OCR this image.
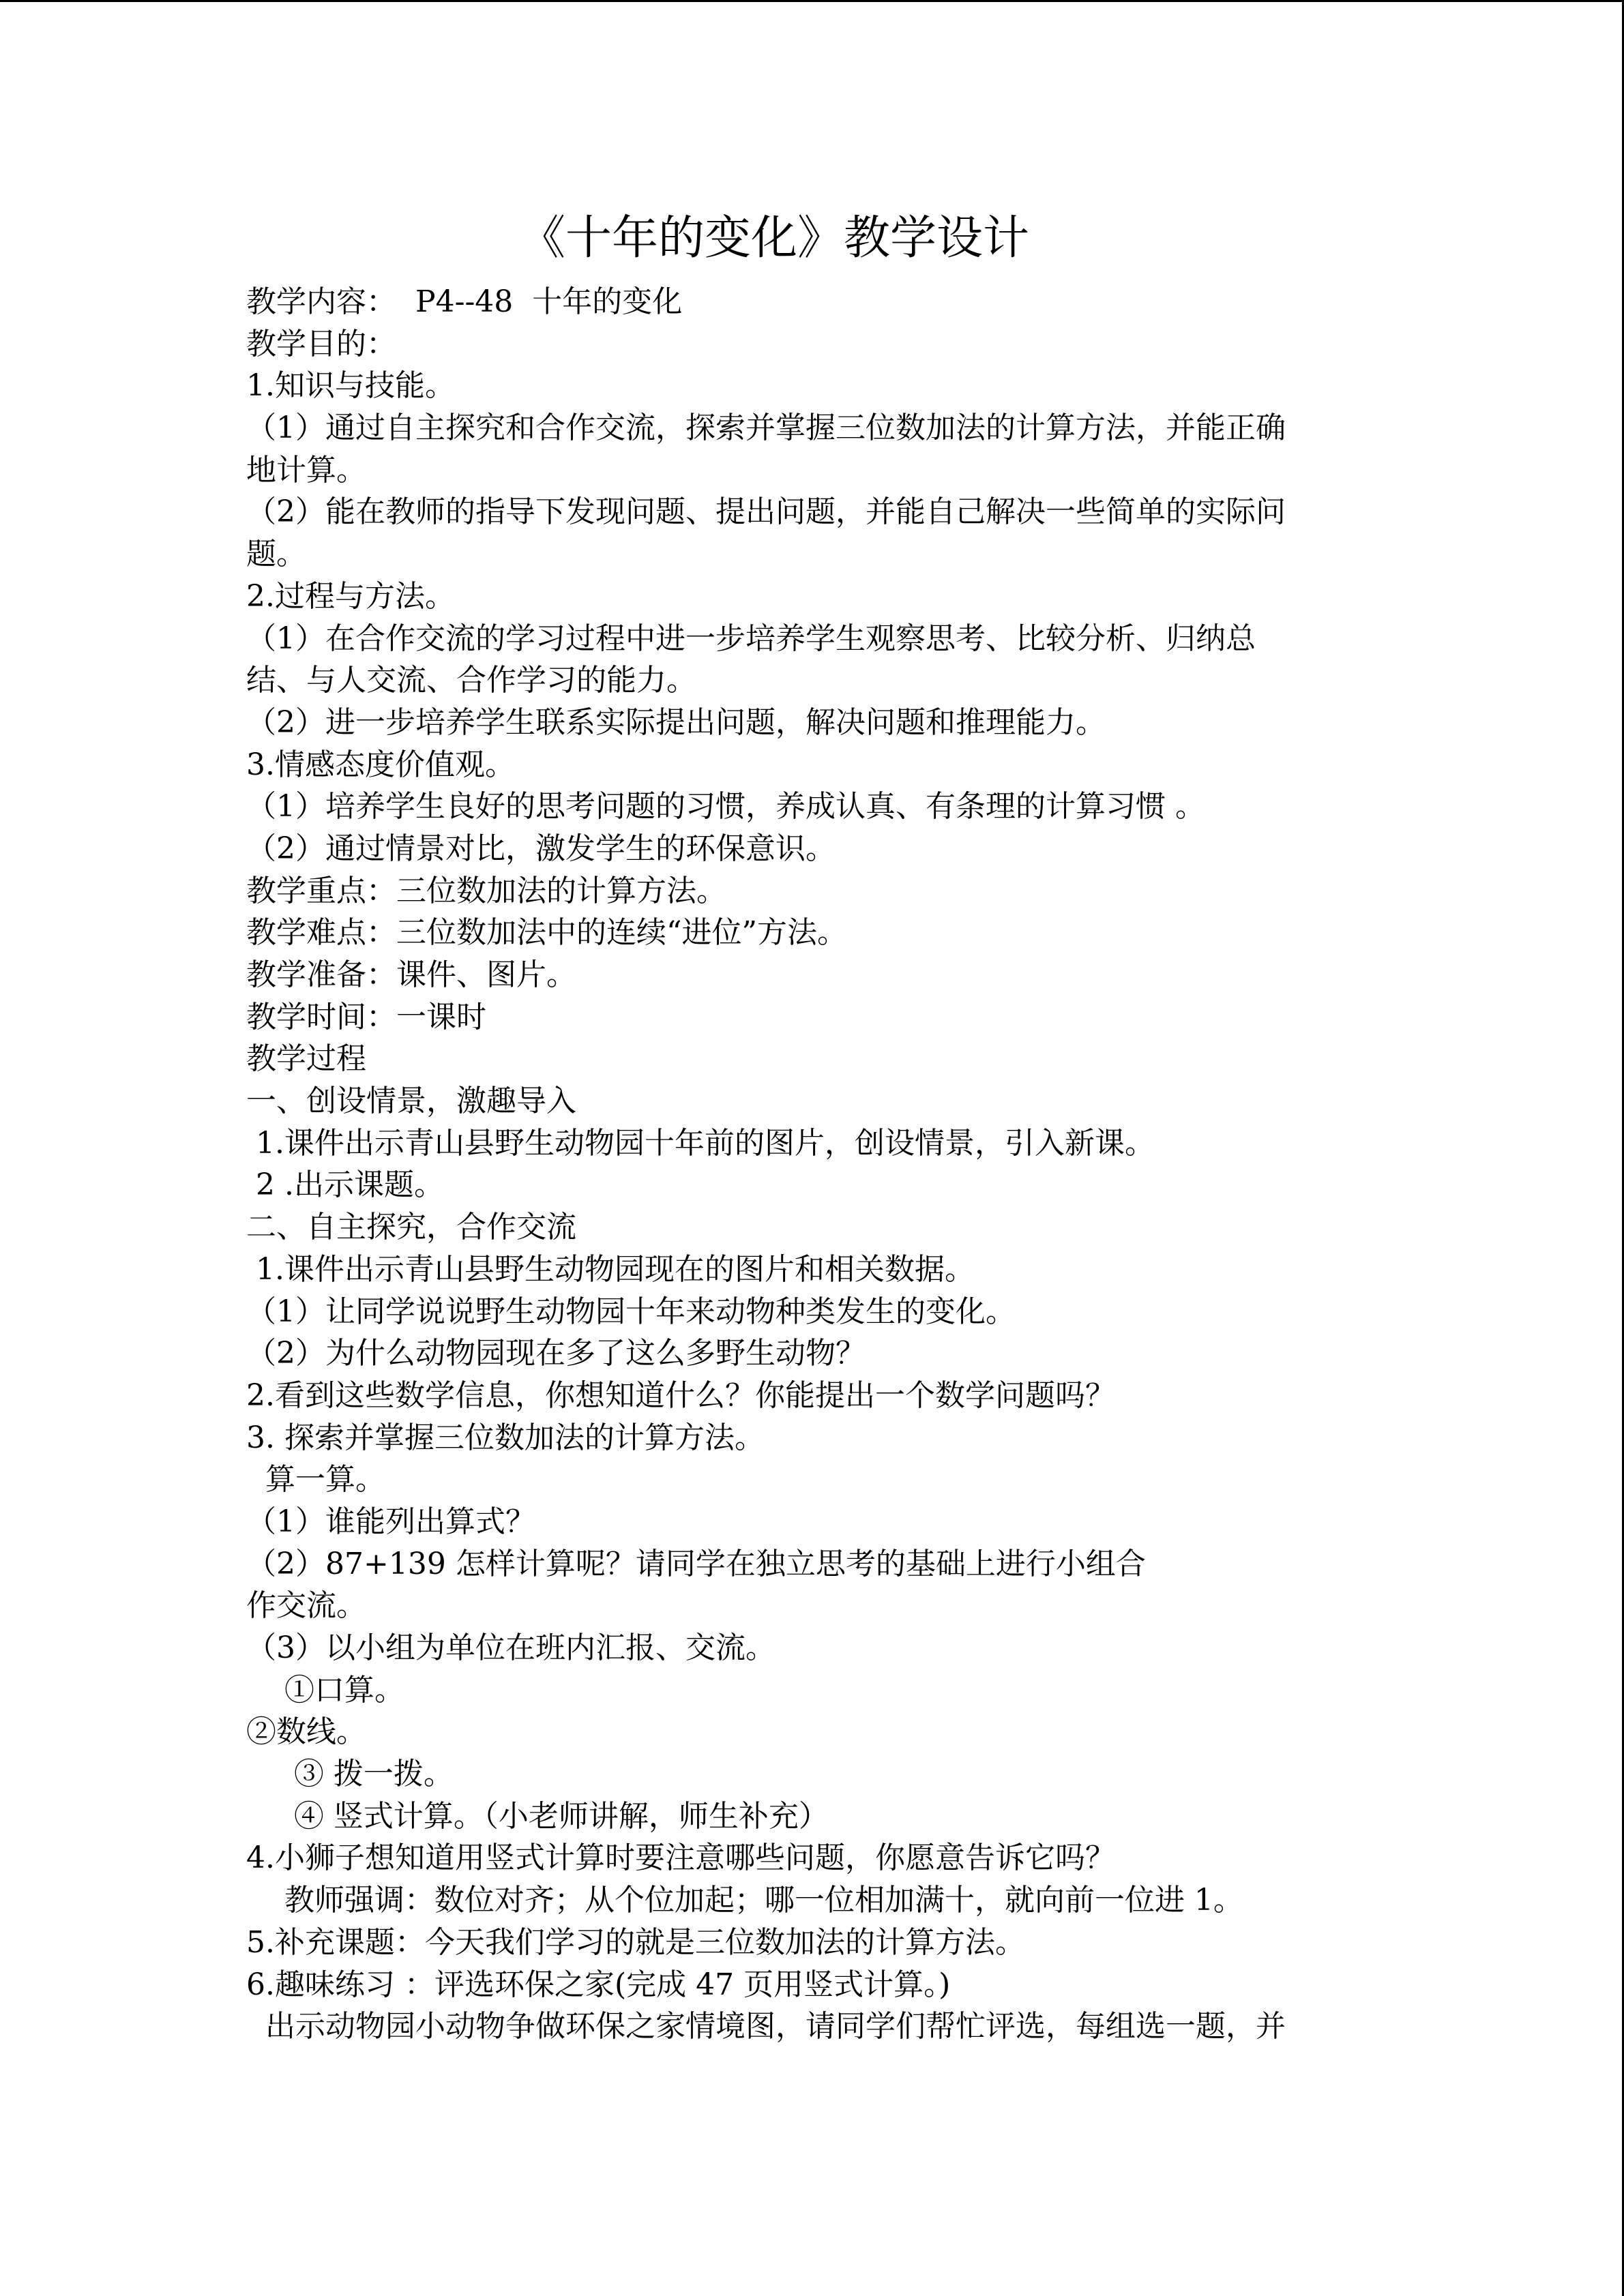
《十年的变化》教学设计
教学内容：  P4--48  十年的变化
教学目的：
1.知识与技能。
（1）通过自主探究和合作交流，探索并掌握三位数加法的计算方法，并能正确
地计算。
（2）能在教师的指导下发现问题、提出问题，并能自己解决一些简单的实际问
题。
2.过程与方法。
（1）在合作交流的学习过程中进一步培养学生观察思考、比较分析、归纳总
结、与人交流、合作学习的能力。
（2）进一步培养学生联系实际提出问题，解决问题和推理能力。
3.情感态度价值观。
（1）培养学生良好的思考问题的习惯，养成认真、有条理的计算习惯 。
（2）通过情景对比，激发学生的环保意识。
教学重点：三位数加法的计算方法。
教学难点：三位数加法中的连续“进位”方法。
教学准备：课件、图片。
教学时间：一课时
教学过程
一、创设情景，激趣导入
1.课件出示青山县野生动物园十年前的图片，创设情景，引入新课。
2 .出示课题。
二、自主探究，合作交流
1.课件出示青山县野生动物园现在的图片和相关数据。
（1）让同学说说野生动物园十年来动物种类发生的变化。
（2）为什么动物园现在多了这么多野生动物？
2.看到这些数学信息，你想知道什么？你能提出一个数学问题吗？
3. 探索并掌握三位数加法的计算方法。
算一算。
（1）谁能列出算式？
（2）87+139 怎样计算呢？请同学在独立思考的基础上进行小组合
作交流。
（3）以小组为单位在班内汇报、交流。
①口算。
②数线。
③ 拨一拨。
④ 竖式计算。（小老师讲解，师生补充）
4.小狮子想知道用竖式计算时要注意哪些问题，你愿意告诉它吗？
教师强调：数位对齐；从个位加起；哪一位相加满十，就向前一位进 1。
5.补充课题：今天我们学习的就是三位数加法的计算方法。
6.趣味练习 ：评选环保之家(完成 47 页用竖式计算。)
出示动物园小动物争做环保之家情境图，请同学们帮忙评选，每组选一题，并
